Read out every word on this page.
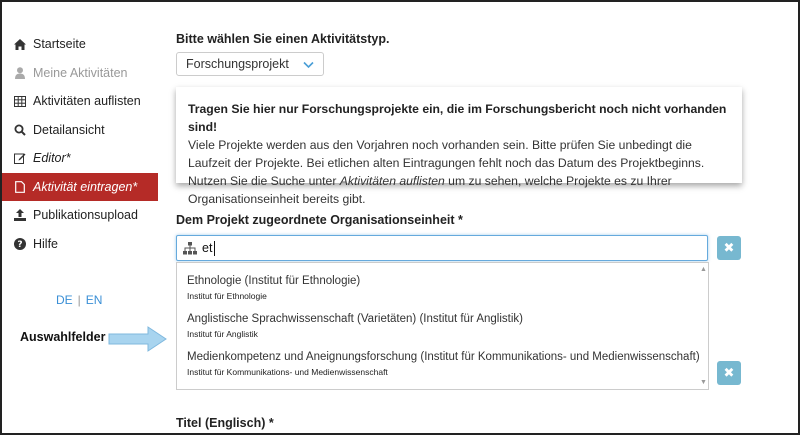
Startseite
Meine Aktivitäten
Aktivitäten auflisten
Detailansicht
Editor*
Aktivität eintragen*
Publikationsupload
? Hilfe
DE | EN
Auswahlfelder
Bitte wählen Sie einen Aktivitätstyp.
Forschungsprojekt
Tragen Sie hier nur Forschungsprojekte ein, die im Forschungsbericht noch nicht vorhanden sind!
Viele Projekte werden aus den Vorjahren noch vorhanden sein. Bitte prüfen Sie unbedingt die Laufzeit der Projekte. Bei etlichen alten Eintragungen fehlt noch das Datum des Projektbeginns. Nutzen Sie die Suche unter Aktivitäten auflisten um zu sehen, welche Projekte es zu Ihrer Organisationseinheit bereits gibt.
Dem Projekt zugeordnete Organisationseinheit *
et	✖
Ethnologie (Institut für Ethnologie)
Institut für Ethnologie
Anglistische Sprachwissenschaft (Varietäten) (Institut für Anglistik)
Institut für Anglistik
Medienkompetenz und Aneignungsforschung (Institut für Kommunikations- und Medienwissenschaft)
Institut für Kommunikations- und Medienwissenschaft
▲
▼
✖
Titel (Englisch) *
